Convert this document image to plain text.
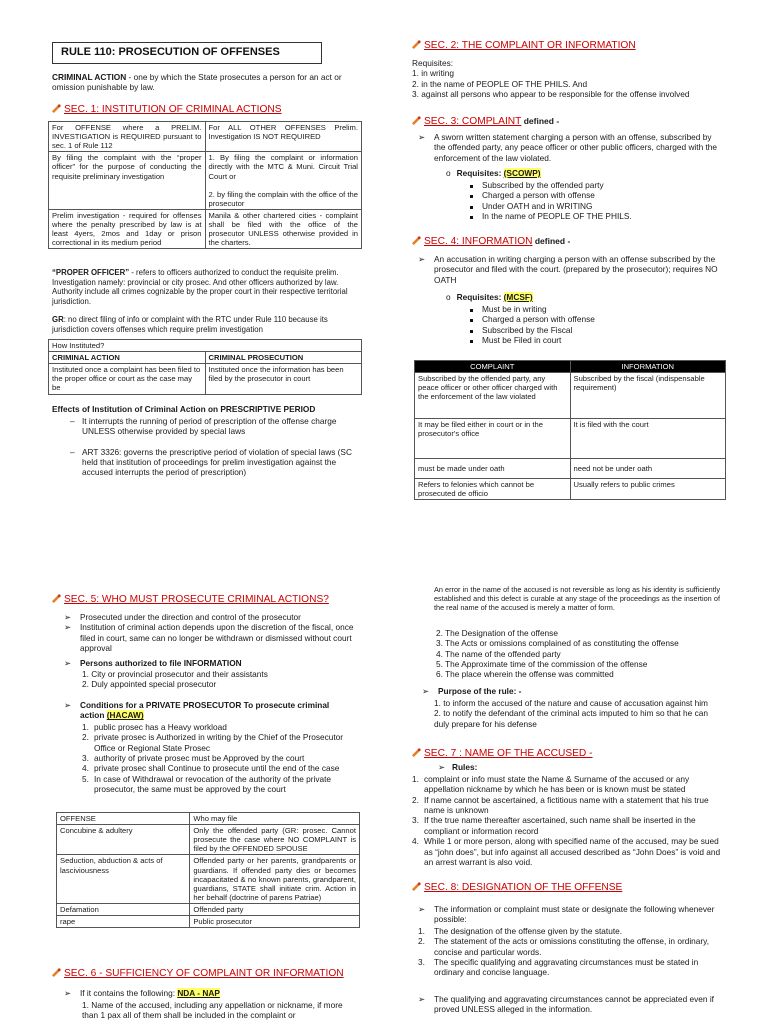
RULE 110: PROSECUTION OF OFFENSES

CRIMINAL ACTION - one by which the State prosecutes a person for an act or omission punishable by law.

SEC. 1: INSTITUTION OF CRIMINAL ACTIONS
For OFFENSE where a PRELIM. INVESTIGATION is REQUIRED pursuant to sec. 1 of Rule 112	For ALL OTHER OFFENSES Prelim. Investigation IS NOT REQUIRED
By filing the complaint with the “proper officer” for the purpose of conducting the requisite preliminary investigation	1. By filing the complaint or information directly with the MTC & Muni. Circuit Trial Court or

2. by filing the complain with the office of the prosecutor
Prelim investigation - required for offenses where the penalty prescribed by law is at least 4yers, 2mos and 1day or prison correctional in its medium period	Manila & other chartered cities - complaint shall be filed with the office of the prosecutor UNLESS otherwise provided in the charters.

“PROPER OFFICER” - refers to officers authorized to conduct the requisite prelim. Investigation namely: provincial or city prosec. And other officers authorized by law. Authority include all crimes cognizable by the proper court in their respective territorial jurisdiction.

GR: no direct filing of info or complaint with the RTC under Rule 110 because its jurisdiction covers offenses which require prelim investigation

How Instituted?	
CRIMINAL ACTION	CRIMINAL PROSECUTION
Instituted once a complaint has been filed to the proper office or court as the case may be	Instituted once the information has been filed by the prosecutor in court

Effects of Institution of Criminal Action on PRESCRIPTIVE PERIOD

– It interrupts the running of period of prescription of the offense charge UNLESS otherwise provided by special laws
– ART 3326: governs the prescriptive period of violation of special laws (SC held that institution of proceedings for prelim investigation against the accused interrupts the period of prescription)
SEC. 2: THE COMPLAINT OR INFORMATION

Requisites:

1. in writing

2. in the name of PEOPLE OF THE PHILS. And

3. against all persons who appear to be responsible for the offense involved

SEC. 3: COMPLAINT defined -
➢ A sworn written statement charging a person with an offense, subscribed by the offended party, any peace officer or other public officers, charged with the enforcement of the law violated.

o Requisites: (SCOWP)

Subscribed by the offended party
Charged a person with offense
Under OATH and in WRITING
In the name of PEOPLE OF THE PHILS.
SEC. 4: INFORMATION defined -
➢ An accusation in writing charging a person with an offense subscribed by the prosecutor and filed with the court. (prepared by the prosecutor); requires NO OATH

o Requisites: (MCSF)

Must be in writing
Charged a person with offense
Subscribed by the Fiscal
Must be Filed in court
COMPLAINT	INFORMATION
Subscribed by the offended party, any peace officer or other officer charged with the enforcement of the law violated	Subscribed by the fiscal (indispensable requirement)
It may be filed either in court or in the prosecutor's office	It is filed with the court
must be made under oath	need not be under oath
Refers to felonies which cannot be prosecuted de officio	Usually refers to public crimes
SEC. 5: WHO MUST PROSECUTE CRIMINAL ACTIONS?
➢ Prosecuted under the direction and control of the prosecutor
➢ Institution of criminal action depends upon the discretion of the fiscal, once filed in court, same can no longer be withdrawn or dismissed without court approval
➢ Persons authorized to file INFORMATION

1. City or provincial prosecutor and their assistants

2. Duly appointed special prosecutor

➢ Conditions for a PRIVATE PROSECUTOR To prosecute criminal action (HACAW)
1. public prosec has a Heavy workload
2. private prosec is Authorized in writing by the Chief of the Prosecutor Office or Regional State Prosec
3. authority of private prosec must be Approved by the court
4. private prosec shall Continue to prosecute until the end of the case
5. In case of Withdrawal or revocation of the authority of the private prosecutor, the same must be approved by the court
OFFENSE	Who may file
Concubine & adultery	Only the offended party (GR: prosec. Cannot prosecute the case where NO COMPLAINT is filed by the OFFENDED SPOUSE
Seduction, abduction & acts of lasciviousness	Offended party or her parents, grandparents or guardians. If offended party dies or becomes incapacitated & no known parents, grandparent, guardians, STATE shall initiate crim. Action in her behalf (doctrine of parens Patriae)
Defamation	Offended party
rape	Public prosecutor
SEC. 6 - SUFFICIENCY OF COMPLAINT OR INFORMATION
➢ If it contains the following: NDA - NAP

1. Name of the accused, including any appellation or nickname, if more than 1 pax all of them shall be included in the complaint or

An error in the name of the accused is not reversible as long as his identity is sufficiently established and this defect is curable at any stage of the proceedings as the insertion of the real name of the accused is merely a matter of form.

2. The Designation of the offense

3. The Acts or omissions complained of as constituting the offense

4. The name of the offended party

5. The Approximate time of the commission of the offense

6. The place wherein the offense was committed

➢ Purpose of the rule: -

1. to inform the accused of the nature and cause of accusation against him

2. to notify the defendant of the criminal acts imputed to him so that he can duly prepare for his defense

SEC. 7 : NAME OF THE ACCUSED -
➢ Rules:
1. complaint or info must state the Name & Surname of the accused or any appellation nickname by which he has been or is known must be stated
2. If name cannot be ascertained, a fictitious name with a statement that his true name is unknown
3. If the true name thereafter ascertained, such name shall be inserted in the compliant or information record
4. While 1 or more person, along with specified name of the accused, may be sued as “john does”, but info against all accused described as “John Does” is void and an arrest warrant is also void.
SEC. 8: DESIGNATION OF THE OFFENSE
➢ The information or complaint must state or designate the following whenever possible:
1. The designation of the offense given by the statute.
2. The statement of the acts or omissions constituting the offense, in ordinary, concise and particular words.
3. The specific qualifying and aggravating circumstances must be stated in ordinary and concise language.
➢ The qualifying and aggravating circumstances cannot be appreciated even if proved UNLESS alleged in the information.
